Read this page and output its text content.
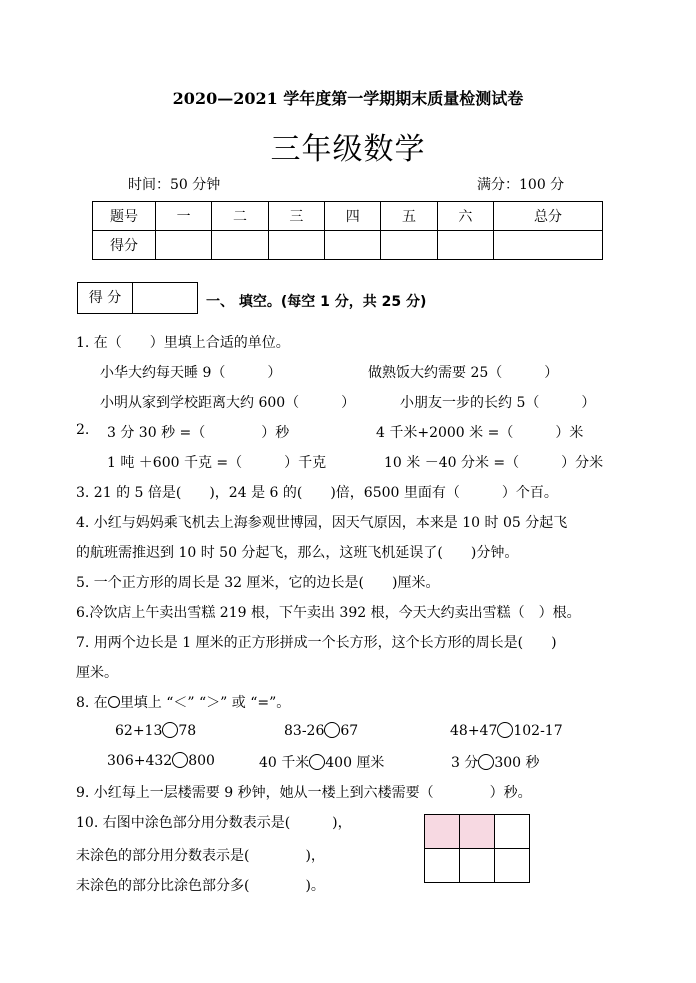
2020—2021 学年度第一学期期末质量检测试卷
三年级数学
时间：50 分钟	满分：100 分
题号	一	二	三	四	五	六	总分
得分							
得 分	一、 填空。(每空 1 分，共 25 分)
1. 在（　　）里填上合适的单位。
小华大约每天睡 9（　　　）	做熟饭大约需要 25（　　　）
小明从家到学校距离大约 600（　　　）	小朋友一步的长约 5（　　　）
2. 3 分 30 秒 =（　　　　）秒	4 千米+2000 米 =（　　　）米
1 吨 ＋600 千克 =（　　　）千克	10 米 －40 分米 =（　　　）分米
3. 21 的 5 倍是(　　)，24 是 6 的(　　)倍，6500 里面有（　　　）个百。
4. 小红与妈妈乘飞机去上海参观世博园，因天气原因，本来是 10 时 05 分起飞
的航班需推迟到 10 时 50 分起飞，那么，这班飞机延误了(　　)分钟。
5. 一个正方形的周长是 32 厘米，它的边长是(　　)厘米。
6.冷饮店上午卖出雪糕 219 根，下午卖出 392 根，今天大约卖出雪糕（　）根。
7. 用两个边长是 1 厘米的正方形拼成一个长方形，这个长方形的周长是(　　)
厘米。
8. 在 里填上 “＜” “＞” 或 “=”。
62+13 78	83-26 67	48+47 102-17
306+432 800	40 千米 400 厘米	3 分 300 秒
9. 小红每上一层楼需要 9 秒钟，她从一楼上到六楼需要（　　　　）秒。
10. 右图中涂色部分用分数表示是(　　　)，
未涂色的部分用分数表示是(　　　　)，
未涂色的部分比涂色部分多(　　　　)。
